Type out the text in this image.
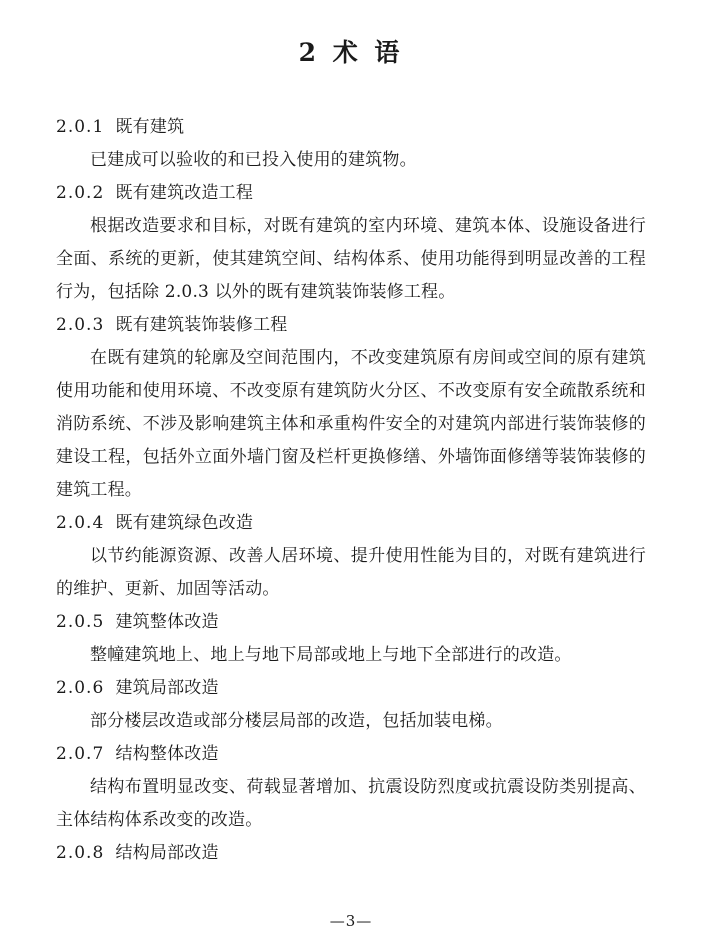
2 术 语

2.0.1 既有建筑

已建成可以验收的和已投入使用的建筑物。

2.0.2 既有建筑改造工程

根据改造要求和目标，对既有建筑的室内环境、建筑本体、设施设备进行全面、系统的更新，使其建筑空间、结构体系、使用功能得到明显改善的工程行为，包括除 2.0.3 以外的既有建筑装饰装修工程。

2.0.3 既有建筑装饰装修工程

在既有建筑的轮廓及空间范围内，不改变建筑原有房间或空间的原有建筑使用功能和使用环境、不改变原有建筑防火分区、不改变原有安全疏散系统和消防系统、不涉及影响建筑主体和承重构件安全的对建筑内部进行装饰装修的建设工程，包括外立面外墙门窗及栏杆更换修缮、外墙饰面修缮等装饰装修的建筑工程。

2.0.4 既有建筑绿色改造

以节约能源资源、改善人居环境、提升使用性能为目的，对既有建筑进行的维护、更新、加固等活动。

2.0.5 建筑整体改造

整幢建筑地上、地上与地下局部或地上与地下全部进行的改造。

2.0.6 建筑局部改造

部分楼层改造或部分楼层局部的改造，包括加装电梯。

2.0.7 结构整体改造

结构布置明显改变、荷载显著增加、抗震设防烈度或抗震设防类别提高、主体结构体系改变的改造。

2.0.8 结构局部改造

—3—
